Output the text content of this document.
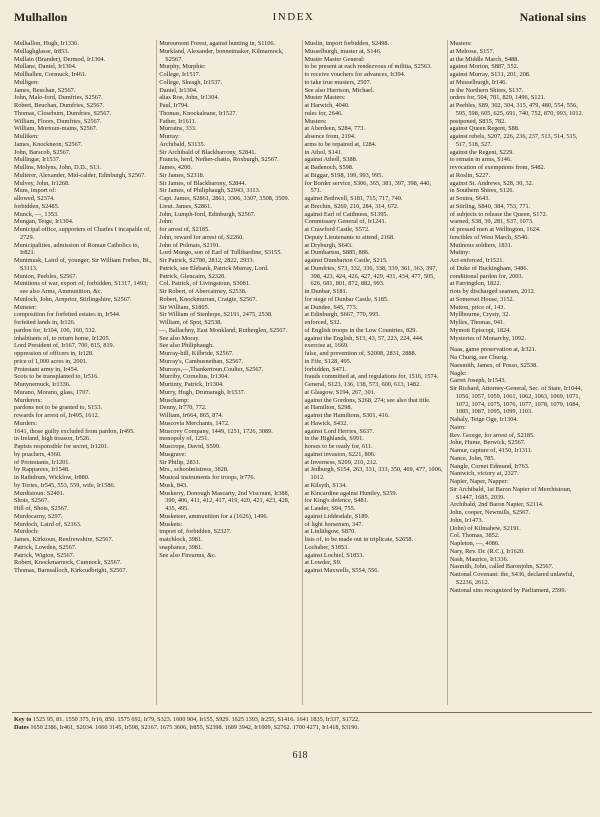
Mulhallon	INDEX	National sins
Mulhallon, Hugh, Ir1336.
Mullaghglasse, Ir853.
Mullain (Brander), Dermod, Ir1304.
Mullane, Daniel, Ir1304.
Mullhallen, Cormuck, Ir461.
Mulligen:
James, Beuchan, S2567.
John, Malo-ford, Dumfries, S2567.
Robert, Beuchan, Dumfries, S2567.
Thomas, Closeburn, Dumfries, S2567.
William, Floors, Dumfries, S2567.
William, Mortoun-mains, S2567.
Mulliken:
James, Knockneon, S2567.
John, Barscob, S2567.
Mullingar, Ir1537.
Mullins, Molyns, John, D.D., S13.
Multerer, Alexander, Mid-calder, Edinburgh, S2567.
Mulvey, John, Ir1268.
Mum, import of:
allowed, S2374.
forbidden, S2485.
Munck, —, 1353.
Mungan, Teige, Ir1304.
Municipal office, supporters of Charles I incapable of, 2729.
Municipalities, admission of Roman Catholics to, Ir821.
Munimusk, Laird of, younger, Sir William Forbes, Bt., S3113.
Munion, Peebles, S2567.
Munitions of war, export of, forbidden, S1317, 1493; see also Arms, Ammunition, &c.
Munloch, John, Arnprior, Stirlingshire, S2567.
Munster:
composition for forfeited estates in, Ir544.
forfeited lands in, Ir126.
pardon for, Ir104, 106, 160, 532.
inhabitants of, to return home, Ir1205.
Lord President of, Ir167, 700, 815, 819.
oppression of officers in, Ir128.
price of 1,000 acres in, 2001.
Protestant army in, Ir454.
Scots to be transplanted to, Ir516.
Munynemuck, Ir1336.
Murano, Morano, glass, 1707.
Murderers:
pardons not to be granted to, S153.
rewards for arrest of, Ir495, 1612.
Murders:
1641, those guilty excluded from pardon, Ir495.
in Ireland, high treason, Ir526.
Papists responsible for secret, Ir1201.
by poachers, 4360.
of Protestants, Ir1201.
by Rapparees, Ir1548.
in Rathdrum, Wicklow, Ir880.
by Tories, Ir545, 553, 559, wife, Ir1586.
Murdistoun: S2401.
Shots, S2567.
Hill of, Shots, S2567.
Murdocarny, S297.
Murdoch, Laird of, S2163.
Murdoch:
James, Kirktoun, Renfrewshire, S2567.
Patrick, Lowden, S2567.
Patrick, Wigton, S2567.
Robert, Knockmarnock, Cumnock, S2567.
Thomas, Barnsalloch, Kirkcudbright, S2567.
Mureumont Forest, against hunting in, S1106.
Murkland, Alexander, bonnetmaker, Kilmarnock, S2567.
Murphy, Murphie:
College, Ir1517.
College, Skeagh, Ir1537.
Daniel, Ir1304.
alias Roe, John, Ir1304.
Paul, Ir794.
Thomas, Knockaleane, Ir1527.
Father, Ir1611.
Murrains, 333.
Murray:
Archibald, S3135.
Sir Archibald of Blackbarrony, S2841.
Francis, herd, Nether-chatto, Roxburgh, S2567.
James, 4200.
Sir James, S2318.
Sir James, of Blackbarony, S2844.
Sir James, of Philiphaugh, S2943, 3113.
Capt. James, S2861, 2861, 3306, 3307, 3508, 3509.
Lieut. James, S2861.
John, Lumph-ford, Edinburgh, S2567.
John:
for arrest of, S2185.
John, reward for arrest of, S2260.
John of Polmais, S2191.
Lord Mungo, son of Earl of Tullibardine, S3155.
Sir Patrick, S2780, 2812, 2822, 2933.
Patrick, see Elebank, Patrick Murray, Lord.
Patrick, Glencairn, S2320.
Col. Patrick, of Livingstoun, S3081.
Sir Robert, of Abercairney, S2538.
Robert, Knockmurran, Craigie, S2567.
Sir William, S1805.
Sir William of Stenhope, S2191, 2475, 2538.
William, of Spot, S2538.
—, Ballachny, East Monkland, Rutherglen, S2567.
See also Moray.
See also Philiphaugh.
Murray-hill, Kilbride, S2567.
Murray's, Cambusnethan, S2567.
Murrays,—,Thankertoun,Coulter, S2567.
Murriby, Cornelius, Ir1304.
Murtinty, Patrick, Ir1304.
Murry, Hugh, Drumaragh, Ir1537.
Muschamp:
Denny, Ir770, 772.
William, Ir664, 865, 874.
Muscovia Merchants, 1472.
Muscovy Company, 1449, 1251, 1726, 3089.
monopoly of, 1251.
Muscrope, David, S599.
Musgrave:
Sir Philip, 2831.
Mrs., schoolmistress, 3828.
Musical instruments for troops, Ir776.
Musk, 843.
Muskerry, Donough Mascarty, 2nd Viscount, Ir388, 390, 406, 411, 412, 417, 419, 420, 421, 423, 428, 435, 495.
Musketeer, ammunition for a (1626), 1496.
Muskets:
import of, forbidden, S2327.
matchlock, 3981.
snaphance, 3981.
See also Firearms, &c.
Muslin, import forbidden, S2498.
Musselburgh, muster at, S146.
Muster Master General:
to be present at each rendezvous of militia, S2563.
to receive vouchers for advances, Ir394.
to take true musters, 2507.
See also Harrison, Michael.
Muster Masters:
at Harwich, 4040.
rules for, 2646.
Musters:
at Aberdeen, S284, 773.
absence from, 2194.
arms to be repaired at, 1284.
in Athol, S141.
against Atholl, S388.
at Badenoch, S598.
at Biggar, S198, 199, 993, 995.
for Border service, S306, 365, 381, 397, 398, 440, 571.
against Bothwell, S181, 715, 717, 740.
at Brechin, S269, 210, 284, 314, 672.
against Earl of Caithness, S1395.
Commissary General of, Ir1241.
at Crawford Castle, S572.
Deputy Lieutenants to attend, 2168.
at Dryburgh, S643.
at Dumbarton, S885, 886.
against Dumbarton Castle, S215.
at Dumfries, S73, 332, 336, 338, 339, 361, 363, 397, 398, 423, 424, 426, 427, 429, 431, 434, 477, 505, 626, 681, 801, 872, 882, 993.
in Dunbar, S181.
for siege of Dunbar Castle, S185.
at Dundee, S45, 773.
at Edinburgh, S667, 770, 995.
enforced, S32.
of English troops in the Low Countries, 829.
against the English, S13, 43, 57, 223, 224, 444.
exercise at, 1669.
false, and prevention of, S2008, 2831, 2888.
in Fife, S128, 495.
forbidden, S471.
frauds committed at, and regulations for, 1516, 1574.
General, S123, 136, 138, 573, 600, 613, 1482.
at Glasgow, S194, 267, 301.
against the Gordons, S268, 274; see also that title.
at Hamilton, S298.
against the Hamiltons, S301, 416.
at Hawick, S432.
against Lord Herries, S637.
in the Highlands, S991.
horses to be ready for, 611.
against invasion, S221, 806.
at Inverness, S209, 210, 212.
at Jedburgh, S154, 263, 331, 333, 350, 469, 477, 1006, 1012.
at Kilsyth, S134.
at Kincardine against Huntley, S259.
for King's defence, S481.
at Lauder, S94, 755.
against Liddesdale, S189.
of light horsemen, 347.
at Linlithgow, S870.
lists of, to be made out in triplicate, S2658.
Lochaber, S1853.
against Lochiel, S1853.
at Lowder, S9.
against Maxwells, S554, 556.
Musters:
at Melrose, S157.
at the Middle March, S488.
against Morton, S887, 552.
against Murray, S131, 201, 208.
at Musselburgh, Ir146.
in the Northern Shires, S137.
orders for, 504, 781, 829, 1496, S121.
at Peebles, S89, 302, 304, 315, 479, 480, 554, 556, 595, 598, 605, 625, 691, 740, 752, 870, 993, 1012.
postponed, S835, 782.
against Queen Regent, S88.
against rebels, S207, 226, 236, 237, 513, 514, 515, 517, 518, 527.
against the Regent, S229.
to remain in arms, S146.
revocation of exemptions from, S482.
at Roslin, S227.
against St. Andrews, S28, 30, 32.
in Southern Shires, S126.
at Soutra, S643.
at Stirling, S840, 384, 753, 771.
of subjects to release the Queen, S172.
warned, S38, 39, 281, S37, 1073.
of pressed men at Wellington, 1624.
fencibles of West March, S546.
Mutinous soldiers, 1831.
Mutiny:
Act enforced, Ir1521.
of Duke of Buckingham, 3486.
conditional pardon for, 2003.
at Farringdon, 1822.
riots by discharged seamen, 2012.
at Somerset House, 3152.
Mutton, price of, 143.
Myllbourne, Crysty, 32.
Mylles, Thomas, 941.
Mymott Episcopi, 1824.
Mysteries of Monarchy, 1092.
Naas, game preservation at, Ir321.
Na Churig, see Churig.
Naesmith, James, of Posso, S2538.
Nagle:
Garret Joseph, Ir1543.
Sir Richard, Attorney-General, Sec. of State, Ir1044, 1056, 1057, 1059, 1061, 1062, 1063, 1069, 1071, 1072, 1074, 1075, 1076, 1077, 1078, 1079, 1084, 1085, 1087, 1095, 1099, 1103.
Nahaly, Teige Oge, Ir1304.
Nairn:
Rev. George, for arrest of, S2185.
John, Hume, Berwick, S2567.
Namur, capture of, 4150, Ir1311.
Nance, John, 785.
Nangle, Cornet Edmund, Ir763.
Nantwich, victory at, 2327.
Napier, Naper, Napper:
Sir Archibald, 1st Baron Napier of Merchistoun, S1447, 1685, 2039.
Archibald, 2nd Baron Napier, S2114.
John, cooper, Newmills, S2567.
John, Ir1473.
(John) of Kilmahew, S2191.
Col. Thomas, 3852.
Napleton, —, 4086.
Nary, Rev. Dr. (R.C.), Ir1620.
Nash, Maurice, Ir1336.
Nasmith, John, called Baronjohn, S2567.
National Covenant: the, S436, declared unlawful, S2236, 2612.
National sins recognized by Parliament, 2599.
Key to 1525 95, 81. 1550 375, Ir16, 850. 1575 692, Ir79, S323. 1600 904, Ir155, S929. 1625 1393, Ir255, S1416. 1641 1835, Ir337, S1722.
Dates 1650 2386, Ir461, S2034. 1660 3145, Ir598, S2167. 1675 3606, Ir855, S2398. 1689 3942, Ir1009, S2762. 1700 4271, Ir1418, S3190.
618
